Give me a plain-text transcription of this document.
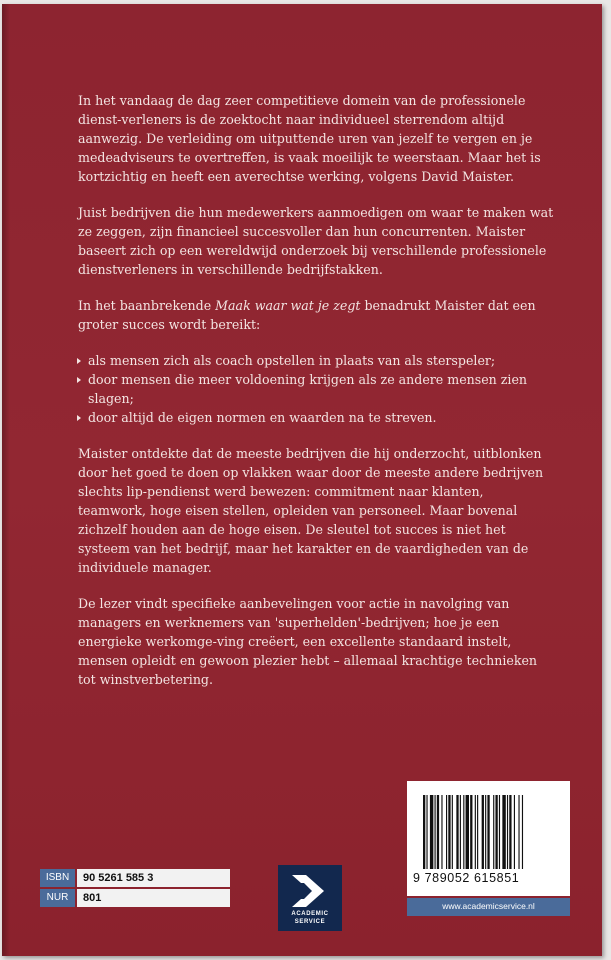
In het vandaag de dag zeer competitieve domein van de professionele dienst-verleners is de zoektocht naar individueel sterrendom altijd aanwezig. De verleiding om uitputtende uren van jezelf te vergen en je medeadviseurs te overtreffen, is vaak moeilijk te weerstaan. Maar het is kortzichtig en heeft een averechtse werking, volgens David Maister.

Juist bedrijven die hun medewerkers aanmoedigen om waar te maken wat ze zeggen, zijn financieel succesvoller dan hun concurrenten. Maister baseert zich op een wereldwijd onderzoek bij verschillende professionele dienstverleners in verschillende bedrijfstakken.

In het baanbrekende Maak waar wat je zegt benadrukt Maister dat een groter succes wordt bereikt:

als mensen zich als coach opstellen in plaats van als sterspeler;
door mensen die meer voldoening krijgen als ze andere mensen zien slagen;
door altijd de eigen normen en waarden na te streven.

Maister ontdekte dat de meeste bedrijven die hij onderzocht, uitblonken door het goed te doen op vlakken waar door de meeste andere bedrijven slechts lip-pendienst werd bewezen: commitment naar klanten, teamwork, hoge eisen stellen, opleiden van personeel. Maar bovenal zichzelf houden aan de hoge eisen. De sleutel tot succes is niet het systeem van het bedrijf, maar het karakter en de vaardigheden van de individuele manager.

De lezer vindt specifieke aanbevelingen voor actie in navolging van managers en werknemers van 'superhelden'-bedrijven; hoe je een energieke werkomge-ving creëert, een excellente standaard instelt, mensen opleidt en gewoon plezier hebt – allemaal krachtige technieken tot winstverbetering.

ISBN	90 5261 585 3
NUR	801
ACADEMIC
SERVICE
9 789052 615851
www.academicservice.nl
